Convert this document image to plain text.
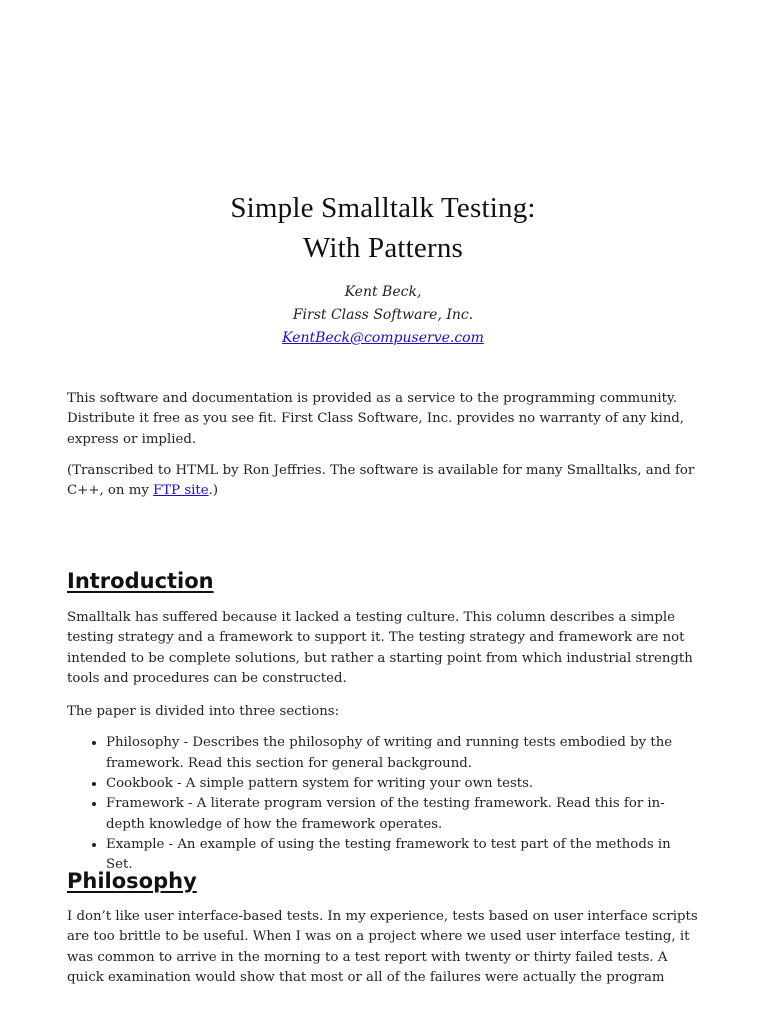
Simple Smalltalk Testing:
With Patterns
Kent Beck,
First Class Software, Inc.
KentBeck@compuserve.com

This software and documentation is provided as a service to the programming community. Distribute it free as you see fit. First Class Software, Inc. provides no warranty of any kind, express or implied.

(Transcribed to HTML by Ron Jeffries. The software is available for many Smalltalks, and for C++, on my FTP site.)

Introduction

Smalltalk has suffered because it lacked a testing culture. This column describes a simple testing strategy and a framework to support it. The testing strategy and framework are not intended to be complete solutions, but rather a starting point from which industrial strength tools and procedures can be constructed.

The paper is divided into three sections:

• Philosophy - Describes the philosophy of writing and running tests embodied by the framework. Read this section for general background.
• Cookbook - A simple pattern system for writing your own tests.
• Framework - A literate program version of the testing framework. Read this for in-depth knowledge of how the framework operates.
• Example - An example of using the testing framework to test part of the methods in Set.
Philosophy

I don’t like user interface-based tests. In my experience, tests based on user interface scripts are too brittle to be useful. When I was on a project where we used user interface testing, it was common to arrive in the morning to a test report with twenty or thirty failed tests. A quick examination would show that most or all of the failures were actually the program
